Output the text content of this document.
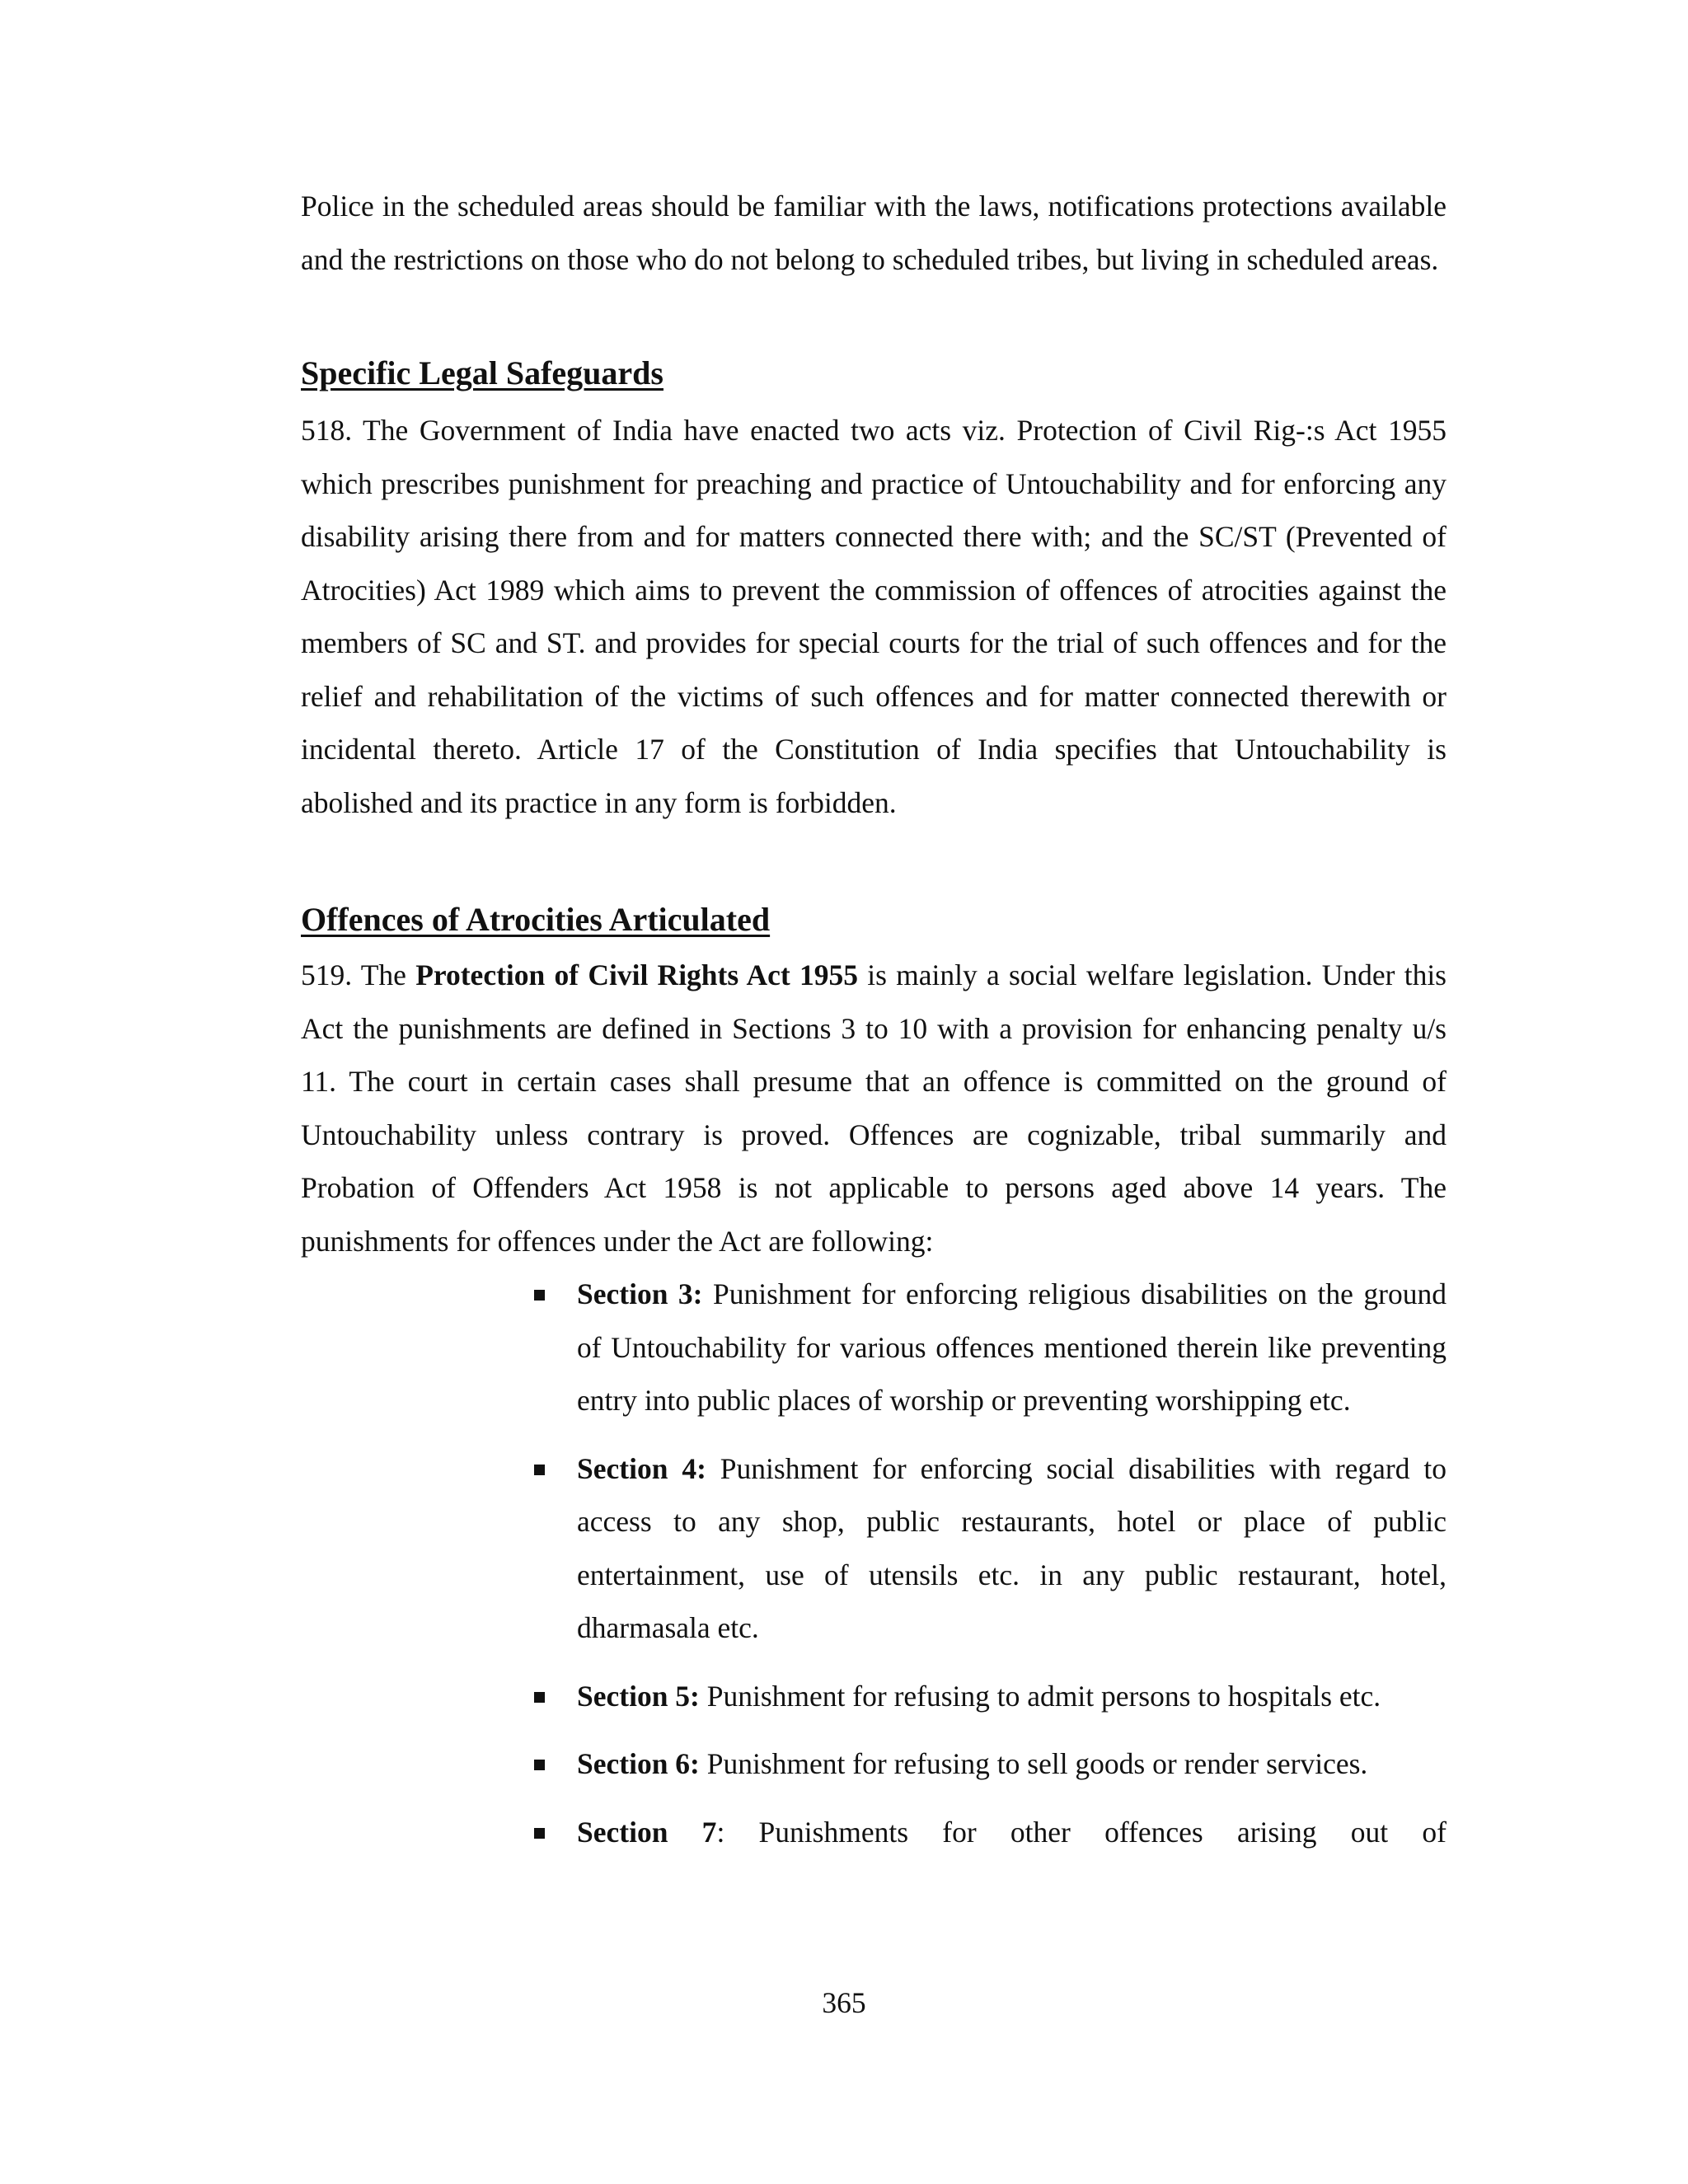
Police in the scheduled areas should be familiar with the laws, notifications protections available and the restrictions on those who do not belong to scheduled tribes, but living in scheduled areas.

Specific Legal Safeguards

518. The Government of India have enacted two acts viz. Protection of Civil Rig-:s Act 1955 which prescribes punishment for preaching and practice of Untouchability and for enforcing any disability arising there from and for matters connected there with; and the SC/ST (Prevented of Atrocities) Act 1989 which aims to prevent the commission of offences of atrocities against the members of SC and ST. and provides for special courts for the trial of such offences and for the relief and rehabilitation of the victims of such offences and for matter connected therewith or incidental thereto. Article 17 of the Constitution of India specifies that Untouchability is abolished and its practice in any form is forbidden.

Offences of Atrocities Articulated

519. The Protection of Civil Rights Act 1955 is mainly a social welfare legislation. Under this Act the punishments are defined in Sections 3 to 10 with a provision for enhancing penalty u/s 11. The court in certain cases shall presume that an offence is committed on the ground of Untouchability unless contrary is proved. Offences are cognizable, tribal summarily and Probation of Offenders Act 1958 is not applicable to persons aged above 14 years. The punishments for offences under the Act are following:

Section 3: Punishment for enforcing religious disabilities on the ground of Untouchability for various offences mentioned therein like preventing entry into public places of worship or preventing worshipping etc.
Section 4: Punishment for enforcing social disabilities with regard to access to any shop, public restaurants, hotel or place of public entertainment, use of utensils etc. in any public restaurant, hotel, dharmasala etc.
Section 5: Punishment for refusing to admit persons to hospitals etc.
Section 6: Punishment for refusing to sell goods or render services.
Section 7: Punishments for other offences arising out of
365
